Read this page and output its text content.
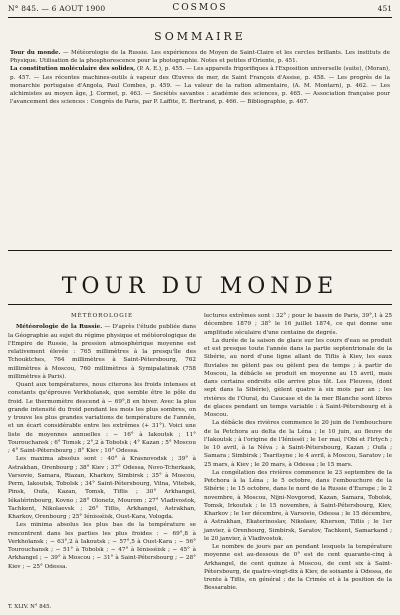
N° 845. — 6 AOUT 1900	COSMOS	451
SOMMAIRE

Tour du monde. — Météorologie de la Russie. Les expériences de Moyen de Saint-Claire et les cercles brillants. Les instituts de Physique. Utilisation de la phosphorescence pour la photographie. Notes et petites d'Oriente, p. 451.

La constitution moléculaire des solides, (P. A. E.), p. 455. — Les appareils frigorifiques à l'Exposition universelle (suite), (Moran), p. 457. — Les récentes machines-outils à vapeur des Œuvres de mer, de Saint François d'Assise, p. 458. — Les progrès de la monarchie portugaise d'Angola, Paul Combes, p. 459. — La valeur de la ration alimentaire, (A. M. Montarn), p. 462. — Les alchimistes au moyen âge, J. Cormet, p. 463. — Sociétés savantes : académie des sciences, p. 465. — Association française pour l'avancement des sciences : Congrès de Paris, par P. Laffite, E. Bertrand, p. 466. — Bibliographie, p. 467.

TOUR DU MONDE

MÉTÉOROLOGIE

Météorologie de la Russie. — D'après l'étude publiée dans la Géographie au sujet du régime physique et météorologique de l'Empire de Russie, la pression atmosphérique moyenne est relativement élevée : 765 millimètres à la presqu'île des Tchouktches, 764 millimètres à Saint-Pétersbourg, 762 millimètres à Moscou, 760 millimètres à Symipalatinsk (758 millimètres à Paris).

Quant aux températures, nous citerons les froids intenses et constants qu'éprouve Verkhoïansk, que semble être le pôle du froid. Le thermomètre descend à − 69°,8 en hiver. Avec la plus grande intensité du froid pendant les mois les plus sombres, on y trouve les plus grandes variations de température de l'année, et un écart considérable entre les extrêmes (+ 31°). Voici une liste de moyennes annuelles : − 16° à Iakoutsk ; 11° Tourouchansk ; 6° Tomsk ; 2°,2 à Tobolsk ; 4° Kazan ; 5° Moscou ; 4° Saint-Pétersbourg ; 8° Kiev ; 10° Odessa.

Les maxima absolus sont : 40° à Krasnovodsk ; 39° à Astrakhan, Orenbourg ; 38° Kiev ; 37° Odessa, Novo-Tcherkask, Varsovie, Samara, Riazan, Kharkov, Simbirsk ; 35° à Moscou, Perm, Iakoutsk, Tobolsk ; 34° Saint-Pétersbourg, Vilna, Vitebsk, Pinsk, Oufa, Kazan, Tomsk, Tiflis ; 30° Arkhangel, Iékatérinbourg, Kovno ; 28° Olonetz, Mourom ; 27° Vladivostok, Tachkent, Nikolaevsk ; 26° Tiflis, Arkhangel, Astrakhan, Kharkov, Orenbourg ; 25° Iénisséisk, Oust-Kara, Vologda.

Les minima absolus les plus bas de la température se rencontrent dans les parties les plus froides : − 69°,8 à Verkhoïansk ; − 63°,2 à Iakoutsk ; − 57°,5 à Oust-Kara ; − 56° Tourouchansk ; − 51° à Tobolsk ; − 47° à Iénisséisk ; − 45° à Arkhangel ; − 39° à Moscou ; − 31° à Saint-Pétersbourg ; − 28° Kiev ; − 25° Odessa.

lectures extrêmes sont : 32° ; pour le bassin de Paris, 39°,1 à 25 décembre 1879 ; 38° le 16 juillet 1874, ce qui donne une amplitude séculaire d'une centaine de degrés.

La durée de la saison de glace sur les cours d'eau se produit et est presque toute l'année dans la partie septentrionale de la Sibérie, au nord d'une ligne allant de Tiflis à Kiev, les eaux fluviales ne gèlent pas ou gèlent peu de temps ; à partir de Moscou, la débâcle se produit en moyenne au 15 avril, mais dans certains endroits elle arrive plus tôt. Les Fleuves, (dont sept dans la Sibérie), gèlent quatre à six mois par an ; les rivières de l'Oural, du Caucase et de la mer Blanche sont libres de glaces pendant un temps variable : à Saint-Pétersbourg et à Moscou.

La débâcle des rivières commence le 20 juin de l'embouchure de la Petchora au delta de la Léna ; le 10 juin, au fleuve de l'Iakoutsk ; à l'origine de l'Iénisséï ; le 1er mai, l'Obi et l'Irtych ; le 10 avril, à la Néva ; à Saint-Pétersbourg, Kazan ; Oufa ; Samara ; Simbirsk ; Tsaritsyne ; le 4 avril, à Moscou, Saratov ; le 25 mars, à Kiev ; le 20 mars, à Odessa ; le 15 mars.

La congélation des rivières commence le 23 septembre de la Petchora à la Léna ; le 5 octobre, dans l'embouchure de la Sibérie ; le 15 octobre, dans le nord de la Russie d'Europe ; le 2 novembre, à Moscou, Nijni-Novgorod, Kazan, Samara, Tobolsk, Tomsk, Irkoutsk ; le 15 novembre, à Saint-Pétersbourg, Kiev, Kharkov ; le 1er décembre, à Varsovie, Odessa ; le 15 décembre, à Astrakhan, Ekaterinoslav, Nikolaev, Kherson, Tiflis ; le 1er janvier, à Orenbourg, Simbirsk, Saratov, Tachkent, Samarkand ; le 20 janvier, à Vladivostok.

Le nombre de jours par an pendant lesquels la température moyenne est au-dessous de 0° est de cent quarante-cinq à Arkhangel, de cent quinze à Moscou, de cent six à Saint-Pétersbourg, de quatre-vingt-dix à Kiev, de soixante à Odessa, de trente à Tiflis, en général ; de la Crimée et à la position de la Bessarabie.

T. XLIV. N° 845.
